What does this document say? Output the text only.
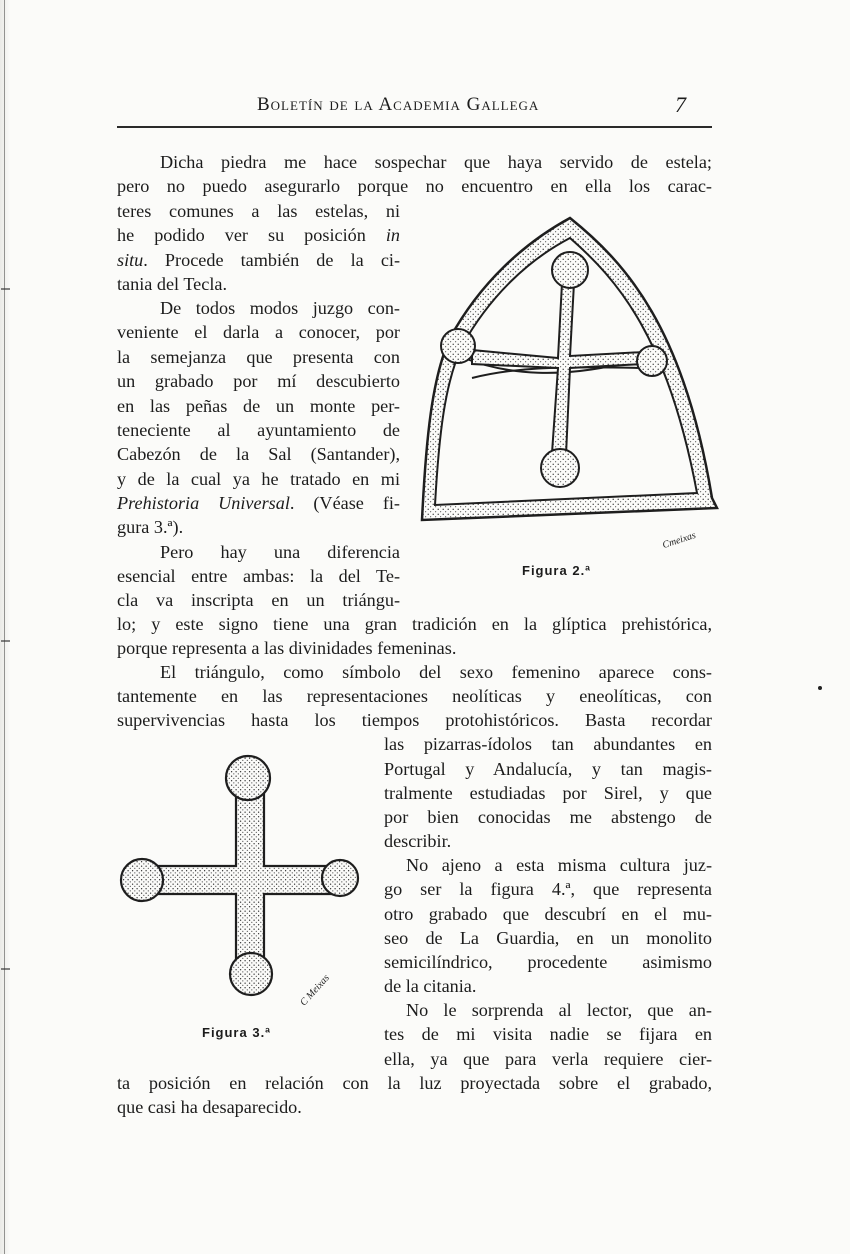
Boletín de la Academia Gallega	7
Dicha piedra me hace sospechar que haya servido de estela;
pero no puedo asegurarlo porque no encuentro en ella los carac-
teres comunes a las estelas, ni
he podido ver su posición in
situ. Procede también de la ci-
tania del Tecla.
De todos modos juzgo con-
veniente el darla a conocer, por
la semejanza que presenta con
un grabado por mí descubierto
en las peñas de un monte per-
teneciente al ayuntamiento de
Cabezón de la Sal (Santander),
y de la cual ya he tratado en mi
Prehistoria Universal. (Véase fi-
gura 3.ª).
Pero hay una diferencia
esencial entre ambas: la del Te-
cla va inscripta en un triángu-
lo; y este signo tiene una gran tradición en la glíptica prehistórica,
porque representa a las divinidades femeninas.
El triángulo, como símbolo del sexo femenino aparece cons-
tantemente en las representaciones neolíticas y eneolíticas, con
supervivencias hasta los tiempos protohistóricos. Basta recordar
las pizarras-ídolos tan abundantes en
Portugal y Andalucía, y tan magis-
tralmente estudiadas por Sirel, y que
por bien conocidas me abstengo de
describir.
No ajeno a esta misma cultura juz-
go ser la figura 4.ª, que representa
otro grabado que descubrí en el mu-
seo de La Guardia, en un monolito
semicilíndrico, procedente asimismo
de la citania.
No le sorprenda al lector, que an-
tes de mi visita nadie se fijara en
ella, ya que para verla requiere cier-
ta posición en relación con la luz proyectada sobre el grabado,
que casi ha desaparecido.
Cmeixas
Figura 2.ª
C Meixas
Figura 3.ª
